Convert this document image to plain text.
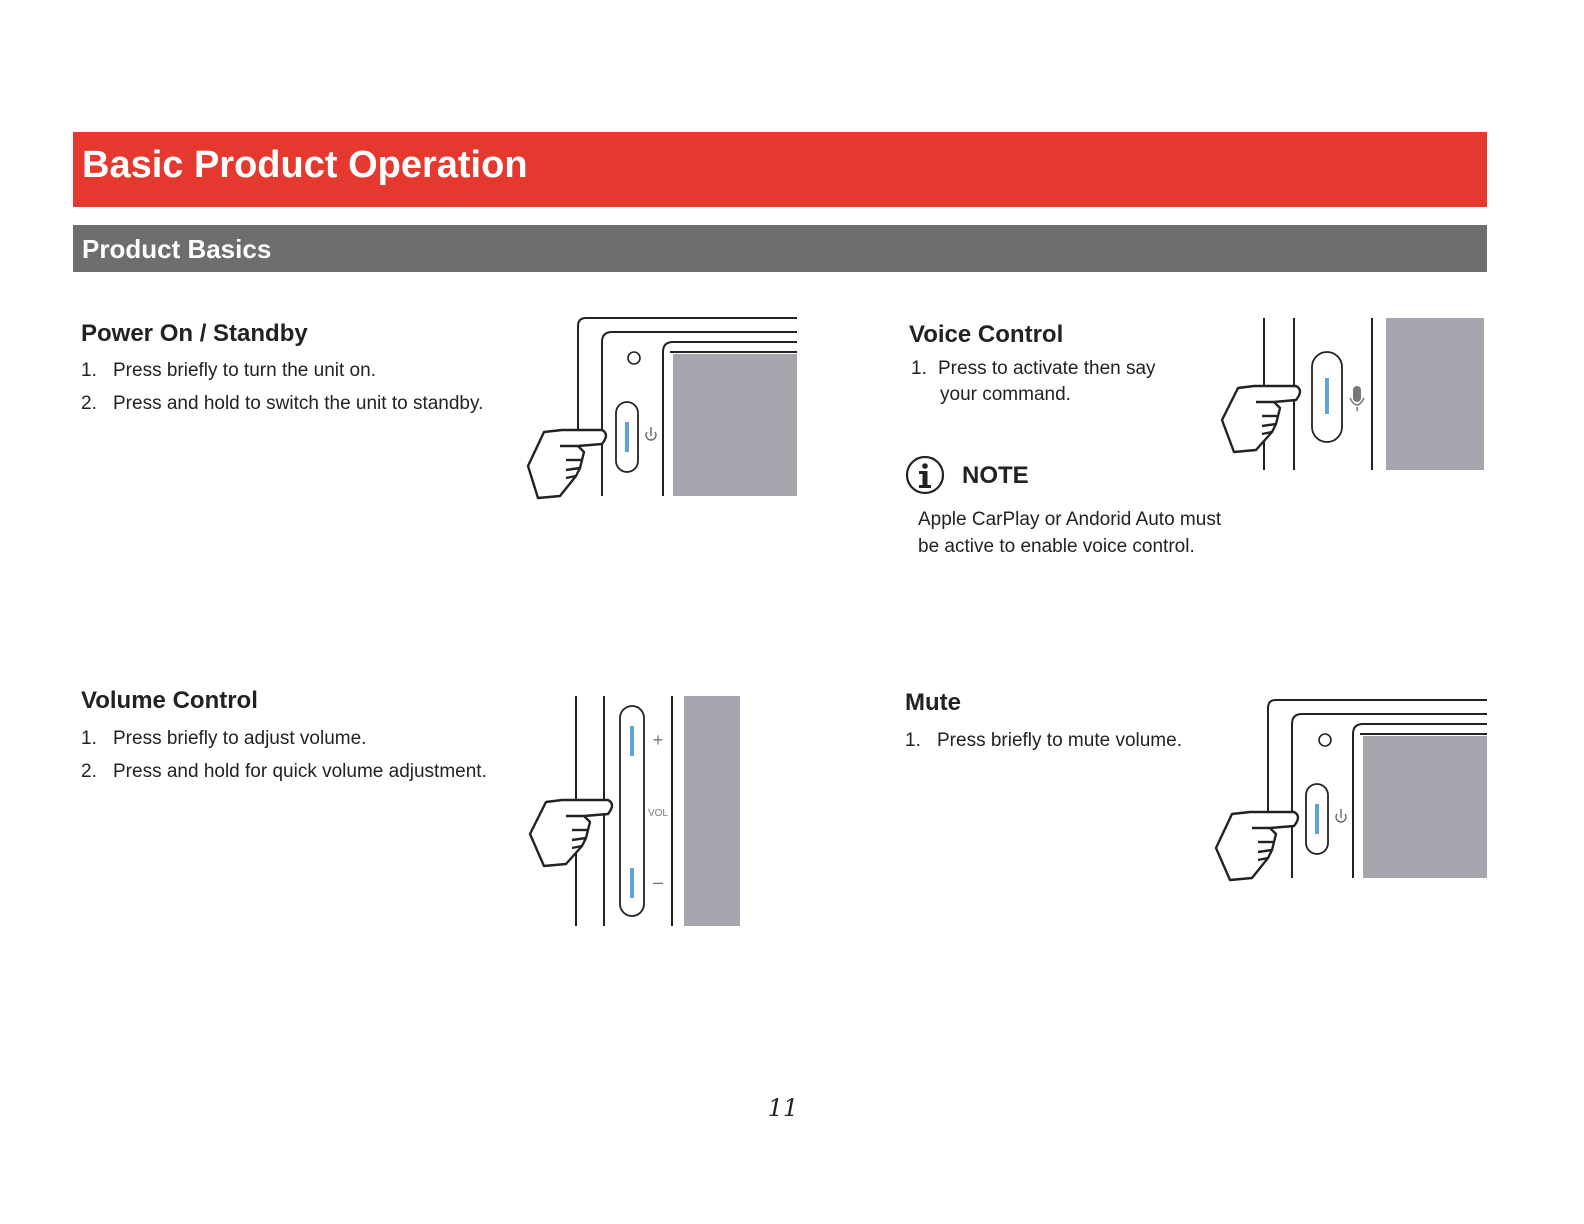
Basic Product Operation
Product Basics
Power On / Standby
1. Press briefly to turn the unit on.
2. Press and hold to switch the unit to standby.
Voice Control
1. Press to activate then say
your command.
NOTE
Apple CarPlay or Andorid Auto must
be active to enable voice control.
Volume Control
1. Press briefly to adjust volume.
2. Press and hold for quick volume adjustment.
+
VOL
–
Mute
1. Press briefly to mute volume.
11
